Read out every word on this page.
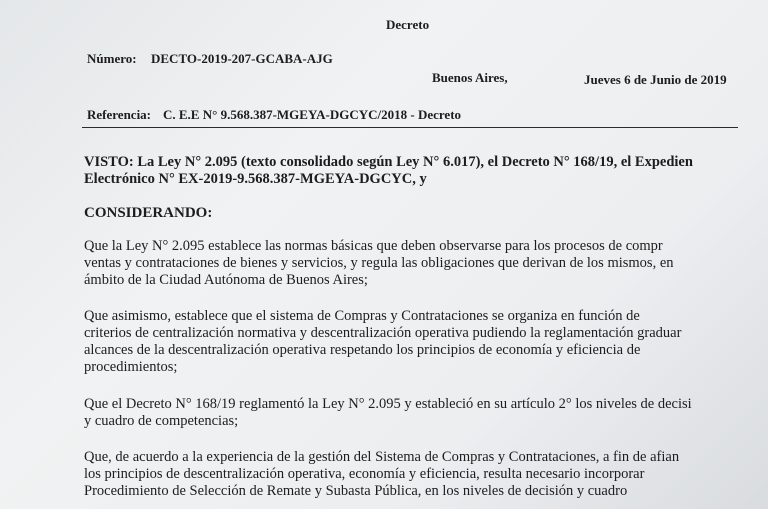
Decreto
Número: DECTO-2019-207-GCABA-AJG
Buenos Aires,	Jueves 6 de Junio de 2019
Referencia: C. E.E N° 9.568.387-MGEYA-DGCYC/2018 - Decreto
VISTO: La Ley N° 2.095 (texto consolidado según Ley N° 6.017), el Decreto N° 168/19, el Expedien
Electrónico N° EX-2019-9.568.387-MGEYA-DGCYC, y
CONSIDERANDO:
Que la Ley N° 2.095 establece las normas básicas que deben observarse para los procesos de compr
ventas y contrataciones de bienes y servicios, y regula las obligaciones que derivan de los mismos, en
ámbito de la Ciudad Autónoma de Buenos Aires;
Que asimismo, establece que el sistema de Compras y Contrataciones se organiza en función de
criterios de centralización normativa y descentralización operativa pudiendo la reglamentación graduar
alcances de la descentralización operativa respetando los principios de economía y eficiencia de
procedimientos;
Que el Decreto N° 168/19 reglamentó la Ley N° 2.095 y estableció en su artículo 2° los niveles de decisi
y cuadro de competencias;
Que, de acuerdo a la experiencia de la gestión del Sistema de Compras y Contrataciones, a fin de afian
los principios de descentralización operativa, economía y eficiencia, resulta necesario incorporar
Procedimiento de Selección de Remate y Subasta Pública, en los niveles de decisión y cuadro
